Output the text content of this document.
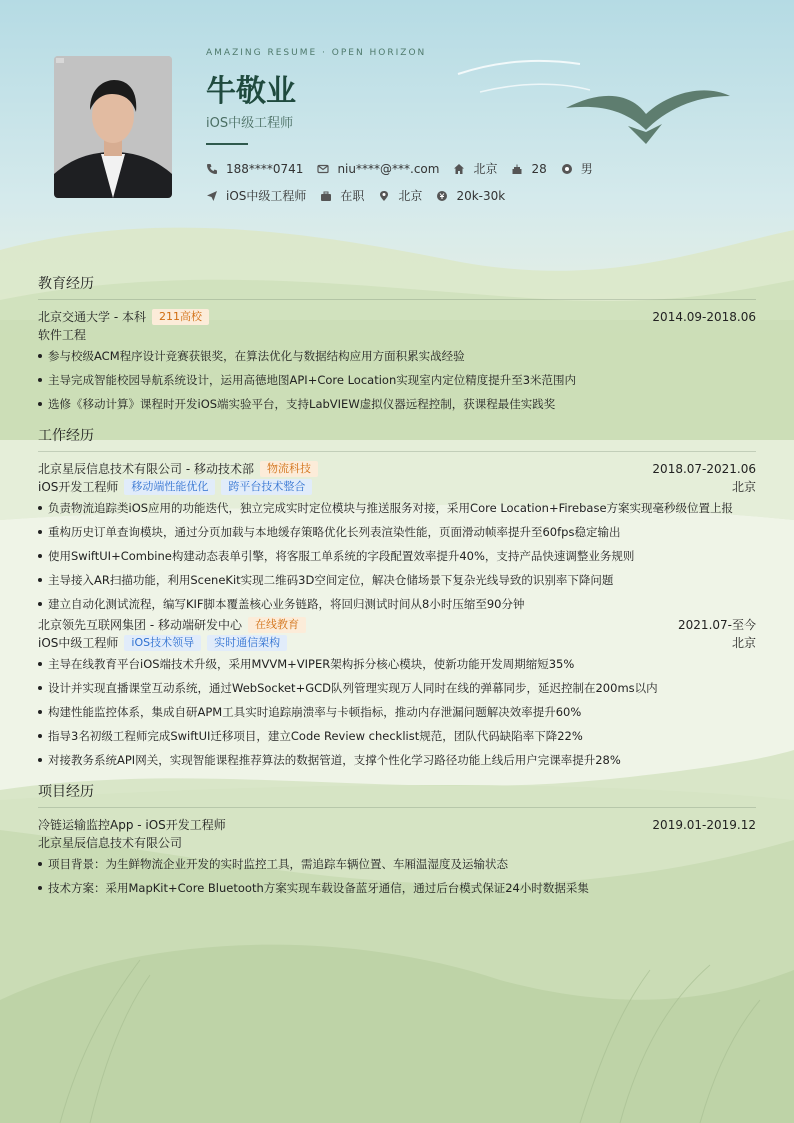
AMAZING RESUME · OPEN HORIZON
牛敬业
iOS中级工程师
188****0741	niu****@***.com	北京	28	男
iOS中级工程师	在职	北京	20k-30k
教育经历
北京交通大学 - 本科	211高校	2014.09-2018.06
软件工程
参与校级ACM程序设计竞赛获银奖，在算法优化与数据结构应用方面积累实战经验
主导完成智能校园导航系统设计，运用高德地图API+Core Location实现室内定位精度提升至3米范围内
选修《移动计算》课程时开发iOS端实验平台，支持LabVIEW虚拟仪器远程控制，获课程最佳实践奖
工作经历
北京星辰信息技术有限公司 - 移动技术部	物流科技	2018.07-2021.06
iOS开发工程师	移动端性能优化	跨平台技术整合	北京
负责物流追踪类iOS应用的功能迭代，独立完成实时定位模块与推送服务对接，采用Core Location+Firebase方案实现毫秒级位置上报
重构历史订单查询模块，通过分页加载与本地缓存策略优化长列表渲染性能，页面滑动帧率提升至60fps稳定输出
使用SwiftUI+Combine构建动态表单引擎，将客服工单系统的字段配置效率提升40%，支持产品快速调整业务规则
主导接入AR扫描功能，利用SceneKit实现二维码3D空间定位，解决仓储场景下复杂光线导致的识别率下降问题
建立自动化测试流程，编写KIF脚本覆盖核心业务链路，将回归测试时间从8小时压缩至90分钟
北京领先互联网集团 - 移动端研发中心	在线教育	2021.07-至今
iOS中级工程师	iOS技术领导	实时通信架构	北京
主导在线教育平台iOS端技术升级，采用MVVM+VIPER架构拆分核心模块，使新功能开发周期缩短35%
设计并实现直播课堂互动系统，通过WebSocket+GCD队列管理实现万人同时在线的弹幕同步，延迟控制在200ms以内
构建性能监控体系，集成自研APM工具实时追踪崩溃率与卡顿指标，推动内存泄漏问题解决效率提升60%
指导3名初级工程师完成SwiftUI迁移项目，建立Code Review checklist规范，团队代码缺陷率下降22%
对接教务系统API网关，实现智能课程推荐算法的数据管道，支撑个性化学习路径功能上线后用户完课率提升28%
项目经历
冷链运输监控App - iOS开发工程师	2019.01-2019.12
北京星辰信息技术有限公司
项目背景：为生鲜物流企业开发的实时监控工具，需追踪车辆位置、车厢温湿度及运输状态
技术方案：采用MapKit+Core Bluetooth方案实现车载设备蓝牙通信，通过后台模式保证24小时数据采集
